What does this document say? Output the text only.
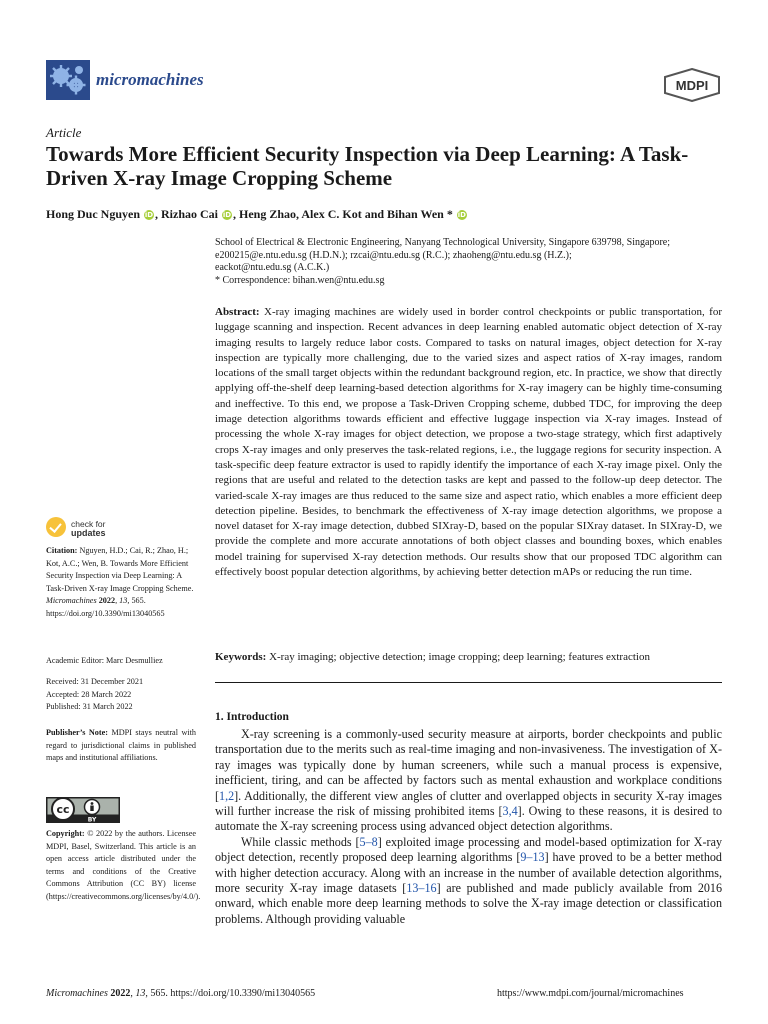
micromachines	MDPI
Article
Towards More Efficient Security Inspection via Deep Learning: A Task-Driven X-ray Image Cropping Scheme
Hong Duc Nguyen iD , Rizhao Cai iD , Heng Zhao, Alex C. Kot and Bihan Wen * iD
School of Electrical & Electronic Engineering, Nanyang Technological University, Singapore 639798, Singapore;
e200215@e.ntu.edu.sg (H.D.N.); rzcai@ntu.edu.sg (R.C.); zhaoheng@ntu.edu.sg (H.Z.);
eackot@ntu.edu.sg (A.C.K.)
* Correspondence: bihan.wen@ntu.edu.sg
Abstract: X-ray imaging machines are widely used in border control checkpoints or public transportation, for luggage scanning and inspection. Recent advances in deep learning enabled automatic object detection of X-ray imaging results to largely reduce labor costs. Compared to tasks on natural images, object detection for X-ray inspection are typically more challenging, due to the varied sizes and aspect ratios of X-ray images, random locations of the small target objects within the redundant background region, etc. In practice, we show that directly applying off-the-shelf deep learning-based detection algorithms for X-ray imagery can be highly time-consuming and ineffective. To this end, we propose a Task-Driven Cropping scheme, dubbed TDC, for improving the deep image detection algorithms towards efficient and effective luggage inspection via X-ray images. Instead of processing the whole X-ray images for object detection, we propose a two-stage strategy, which first adaptively crops X-ray images and only preserves the task-related regions, i.e., the luggage regions for security inspection. A task-specific deep feature extractor is used to rapidly identify the importance of each X-ray image pixel. Only the regions that are useful and related to the detection tasks are kept and passed to the follow-up deep detector. The varied-scale X-ray images are thus reduced to the same size and aspect ratio, which enables a more efficient deep detection pipeline. Besides, to benchmark the effectiveness of X-ray image detection algorithms, we propose a novel dataset for X-ray image detection, dubbed SIXray-D, based on the popular SIXray dataset. In SIXray-D, we provide the complete and more accurate annotations of both object classes and bounding boxes, which enables model training for supervised X-ray detection methods. Our results show that our proposed TDC algorithm can effectively boost popular detection algorithms, by achieving better detection mAPs or reducing the run time.
Keywords: X-ray imaging; objective detection; image cropping; deep learning; features extraction
check for
updates
Citation: Nguyen, H.D.; Cai, R.; Zhao, H.; Kot, A.C.; Wen, B. Towards More Efficient Security Inspection via Deep Learning: A Task-Driven X-ray Image Cropping Scheme. Micromachines 2022, 13, 565. https://doi.org/10.3390/mi13040565
Academic Editor: Marc Desmulliez
Received: 31 December 2021
Accepted: 28 March 2022
Published: 31 March 2022
Publisher’s Note: MDPI stays neutral with regard to jurisdictional claims in published maps and institutional affiliations.
cc
BY
Copyright: © 2022 by the authors. Licensee MDPI, Basel, Switzerland. This article is an open access article distributed under the terms and conditions of the Creative Commons Attribution (CC BY) license (https://creativecommons.org/licenses/by/4.0/).
1. Introduction

X-ray screening is a commonly-used security measure at airports, border checkpoints and public transportation due to the merits such as real-time imaging and non-invasiveness. The investigation of X-ray images was typically done by human screeners, while such a manual process is expensive, inefficient, tiring, and can be affected by factors such as mental exhaustion and workplace conditions [1,2]. Additionally, the different view angles of clutter and overlapped objects in security X-ray images will further increase the risk of missing prohibited items [3,4]. Owing to these reasons, it is desired to automate the X-ray screening process using advanced object detection algorithms.

While classic methods [5–8] exploited image processing and model-based optimization for X-ray object detection, recently proposed deep learning algorithms [9–13] have proved to be a better method with higher detection accuracy. Along with an increase in the number of available detection algorithms, more security X-ray image datasets [13–16] are published and made publicly available from 2016 onward, which enable more deep learning methods to solve the X-ray image detection or classification problems. Although providing valuable

Micromachines 2022, 13, 565. https://doi.org/10.3390/mi13040565	https://www.mdpi.com/journal/micromachines
